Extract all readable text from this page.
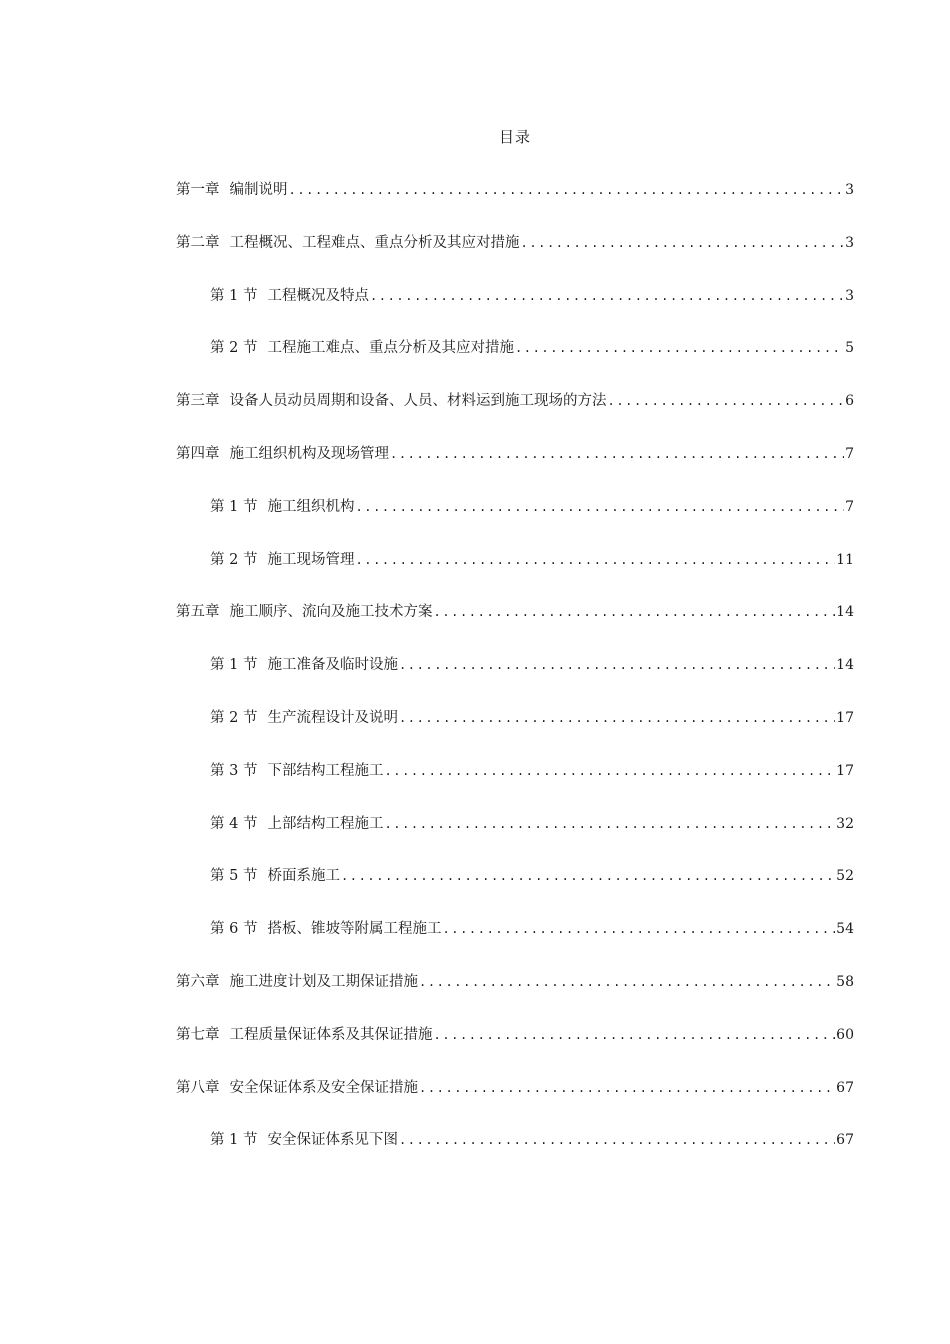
目录
第一章 编制说明 .....	3
第二章 工程概况、工程难点、重点分析及其应对措施 .....	3
第 1 节 工程概况及特点 .....	3
第 2 节 工程施工难点、重点分析及其应对措施 .....	5
第三章 设备人员动员周期和设备、人员、材料运到施工现场的方法 .....	6
第四章 施工组织机构及现场管理 .....	7
第 1 节 施工组织机构 .....	7
第 2 节 施工现场管理 .....	11
第五章 施工顺序、流向及施工技术方案 .....	14
第 1 节 施工准备及临时设施 .....	14
第 2 节 生产流程设计及说明 .....	17
第 3 节 下部结构工程施工 .....	17
第 4 节 上部结构工程施工 .....	32
第 5 节 桥面系施工 .....	52
第 6 节 搭板、锥坡等附属工程施工 .....	54
第六章 施工进度计划及工期保证措施 .....	58
第七章 工程质量保证体系及其保证措施 .....	60
第八章 安全保证体系及安全保证措施 .....	67
第 1 节 安全保证体系见下图 .....	67
